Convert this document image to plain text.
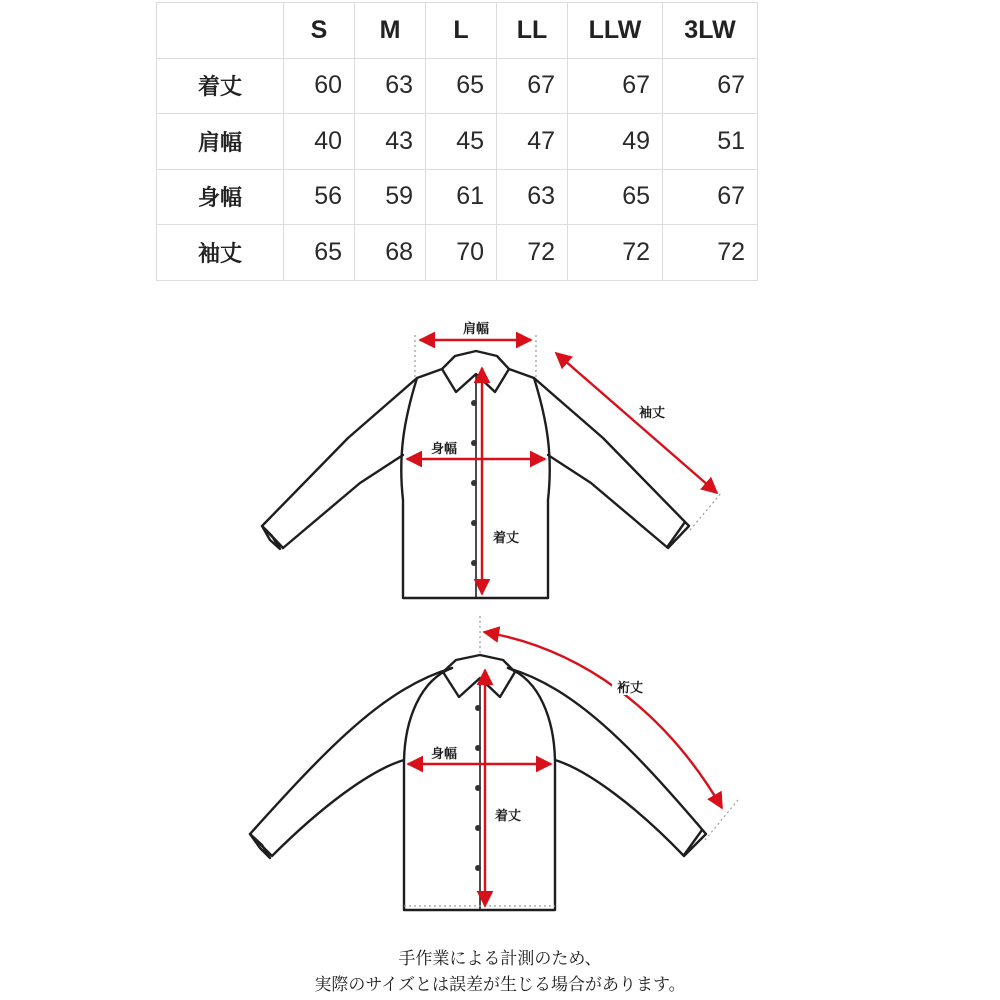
	S	M	L	LL	LLW	3LW
着丈	60	63	65	67	67	67
肩幅	40	43	45	47	49	51
身幅	56	59	61	63	65	67
袖丈	65	68	70	72	72	72
肩幅
身幅
着丈
袖丈
身幅
着丈
裄丈
手作業による計測のため、
実際のサイズとは誤差が生じる場合があります。
